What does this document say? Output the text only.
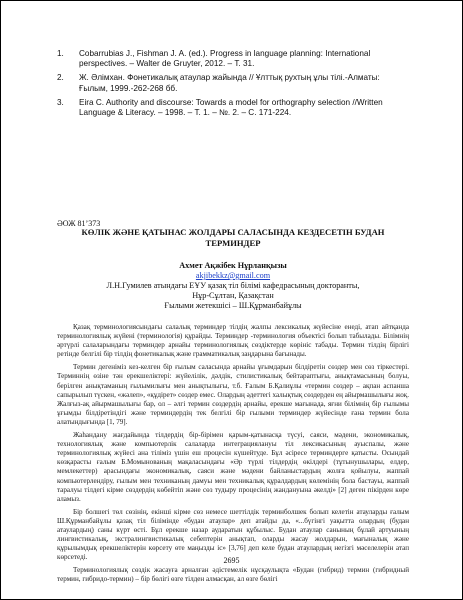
1. Cobarrubias J., Fishman J. A. (ed.). Progress in language planning: International perspectives. – Walter de Gruyter, 2012. – Т. 31.
2. Ж. Әлімхан. Фонетикалық атаулар жайында // Ұлттық рухтың ұлы тілі.-Алматы: Ғылым, 1999.-262-268 бб.
3. Eira C. Authority and discourse: Towards a model for orthography selection //Written Language & Literacy. – 1998. – Т. 1. – №. 2. – С. 171-224.
ӘОЖ 81’373
КӨЛІК ЖӘНЕ ҚАТЫНАС ЖОЛДАРЫ САЛАСЫНДА КЕЗДЕСЕТІН БУДАН ТЕРМИНДЕР
Ахмет Ақжібек Нұрланқызы
akjibekkz@gmail.com
Л.Н.Гумилев атындағы ЕҰУ қазақ тіл білімі кафедрасының докторанты,
Нұр-Сұлтан, Қазақстан
Ғылыми жетекшісі – Ш.Құрманбайұлы

Қазақ терминологиясындағы салалық терминдер тілдің жалпы лексикалық жүйесіне енеді, атап айтқанда терминологиялық жүйені (терминологія) құрайды. Терминдер -терминология объектісі болып табылады. Білімнің әртүрлі салаларындағы терминдер арнайы терминологиялық сөздіктерде көрініс табады. Термин тілдің бірлігі ретінде белгілі бір тілдің фонетикалық және грамматикалық заңдарына бағынады.

Термин дегеніміз кез-келген бір ғылым саласында арнайы ұғымдарын білдіретін сөздер мен сөз тіркестері. Терминнің өзіне тән ерекшеліктері: жүйелілік, дәлдік, стилистикалық бейтараптығы, анықтамасының болуы, берілген анықтаманың ғылымилығы мен анықтылығы, т.б. Ғалым Б.Қалиұлы «термин сөздер – ақпан аспанша сапырылып түскен, «жәлеп», «құдірет» сөздер емес. Олардың әдеттегі халықтық сөздерден ең айырмашылығы жоқ. Жалғыз-ақ айырмашылығы бар, ол – әлгі термин сөздердің арнайы, ерекше мағынада, яғни білімнің бір ғылымы ұғымды білдіретіндігі және терминдердің тек белгілі бір ғылыми терминдер жүйесінде ғана термин бола алатындығында [1, 79].

Жаһандану жағдайында тілдердің бір-бірімен қарым-қатынасқа түсуі, саяси, мәдени, экономикалық, технологиялық және компьютерлік салаларда интеграциялануы тіл лексикасының ауыспалы, және терминологиялық жүйесі ана тіліміз үшін еш процесін күшейтуде. Бұл әсіресе терминдерге қатысты. Осындай көзқарасты ғалым Б.Момынованың мақаласындағы «Әр түрлі тілдердің өкілдері (тұтынушылары, елдер, мемлекеттер) арасындағы экономикалық, саяси және мәдени байланыстардың жолға қойылуы, жаппай компьютерлендіру, ғылым мен техниканың дамуы мен техникалық құралдардың көлемінің бола бастауы, жаппай таралуы тілдегі кірме сөздердің көбейтіп және сөз тудыру процесінің жандануына әкелді» [2] деген пікірден көре аламыз.

Бір болшегі төл сөзінің, екінші кірме сөз немесе шеттілдік терминболшек болып келетін атауларды ғалым Ш.Құрманбайұлы қазақ тіл білімінде «будан атаулар» деп атайды да, «...бүгінгі уақытта олардың (будан атаулардың) саны күрт өсті. Бұл ерекше назар аударатын құбылыс. Будан атаулар санының бұлай артуының лингвистикалық, экстралингвистикалық себептерін анықтап, оларды жасау жолдарын, мағыналық және құрылымдық ерекшеліктерін көрсету өте маңызды іс» [3,76] деп келе будан атаулардың негізгі мәселелерін атап көрсетеді.

Терминологиялық сөздік жасауға арналған әдістемелік нұсқаулықта «Будан (гибрид) термин (гибридный термин, гибридо-термин) – бір бөлігі өзге тілден алмасқан, ал өзге бөлігі

2695
